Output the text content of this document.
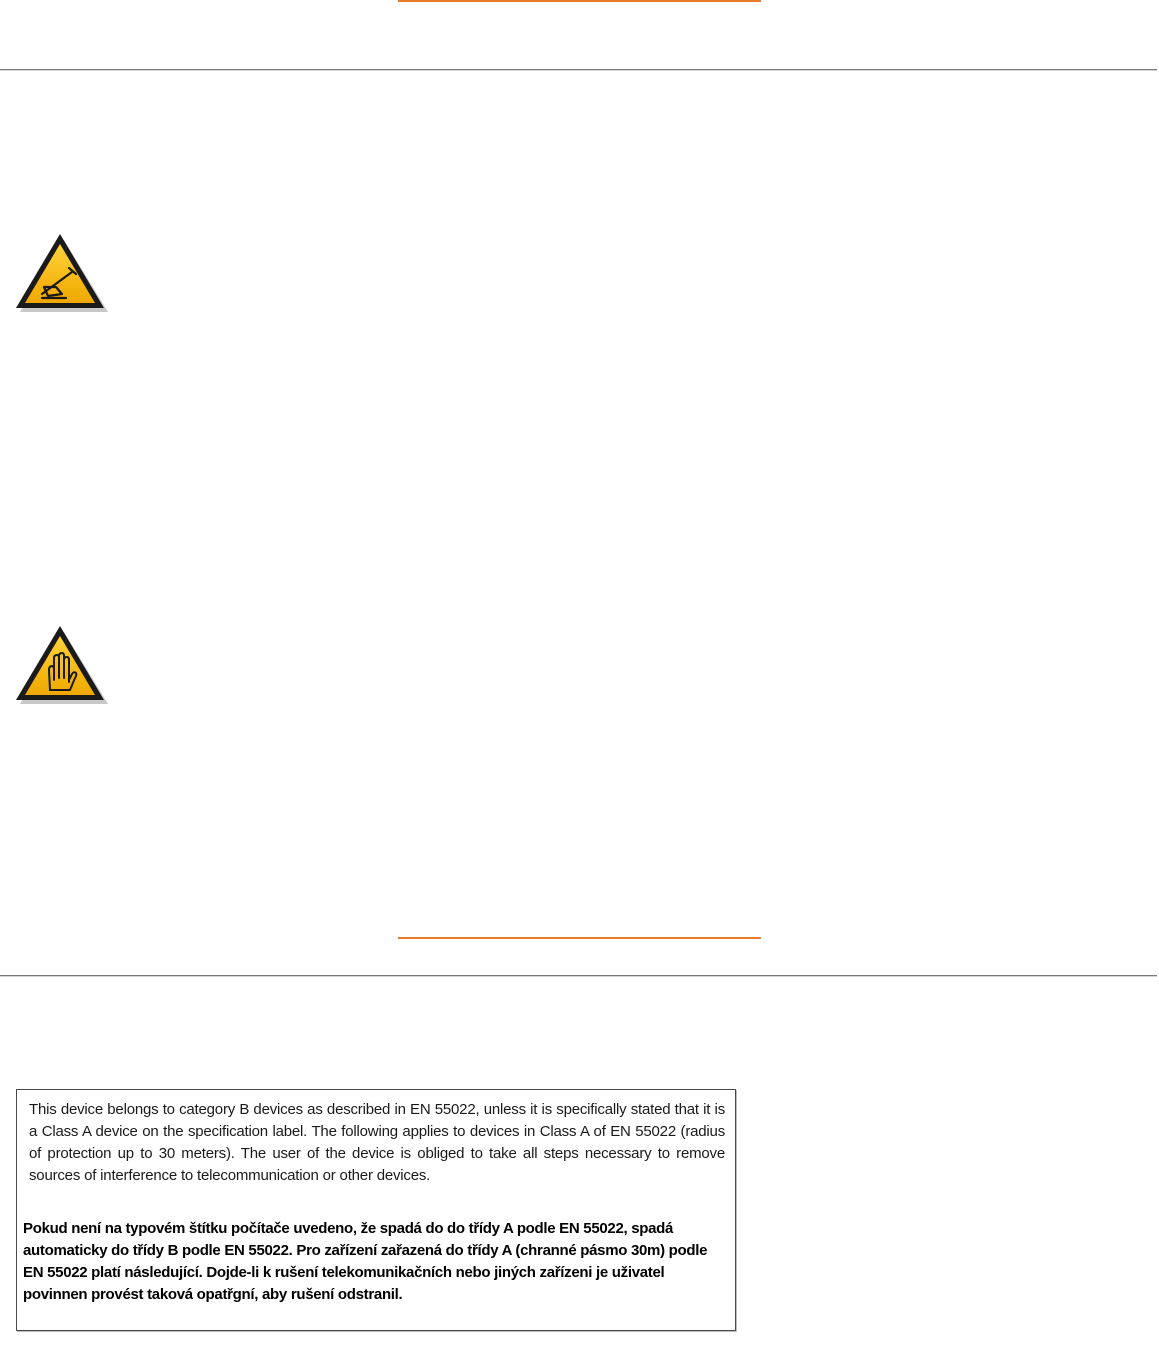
This device belongs to category B devices as described in EN 55022, unless it is specifically stated that it is a Class A device on the specification label. The following applies to devices in Class A of EN 55022 (radius of protection up to 30 meters). The user of the device is obliged to take all steps necessary to remove sources of interference to telecommunication or other devices.

Pokud není na typovém štítku počítače uvedeno, že spadá do do třídy A podle EN 55022, spadá automaticky do třídy B podle EN 55022. Pro zařízení zařazená do třídy A (chranné pásmo 30m) podle EN 55022 platí následující. Dojde-li k rušení telekomunikačních nebo jiných zařízeni je uživatel povinnen provést taková opatřgní, aby rušení odstranil.
